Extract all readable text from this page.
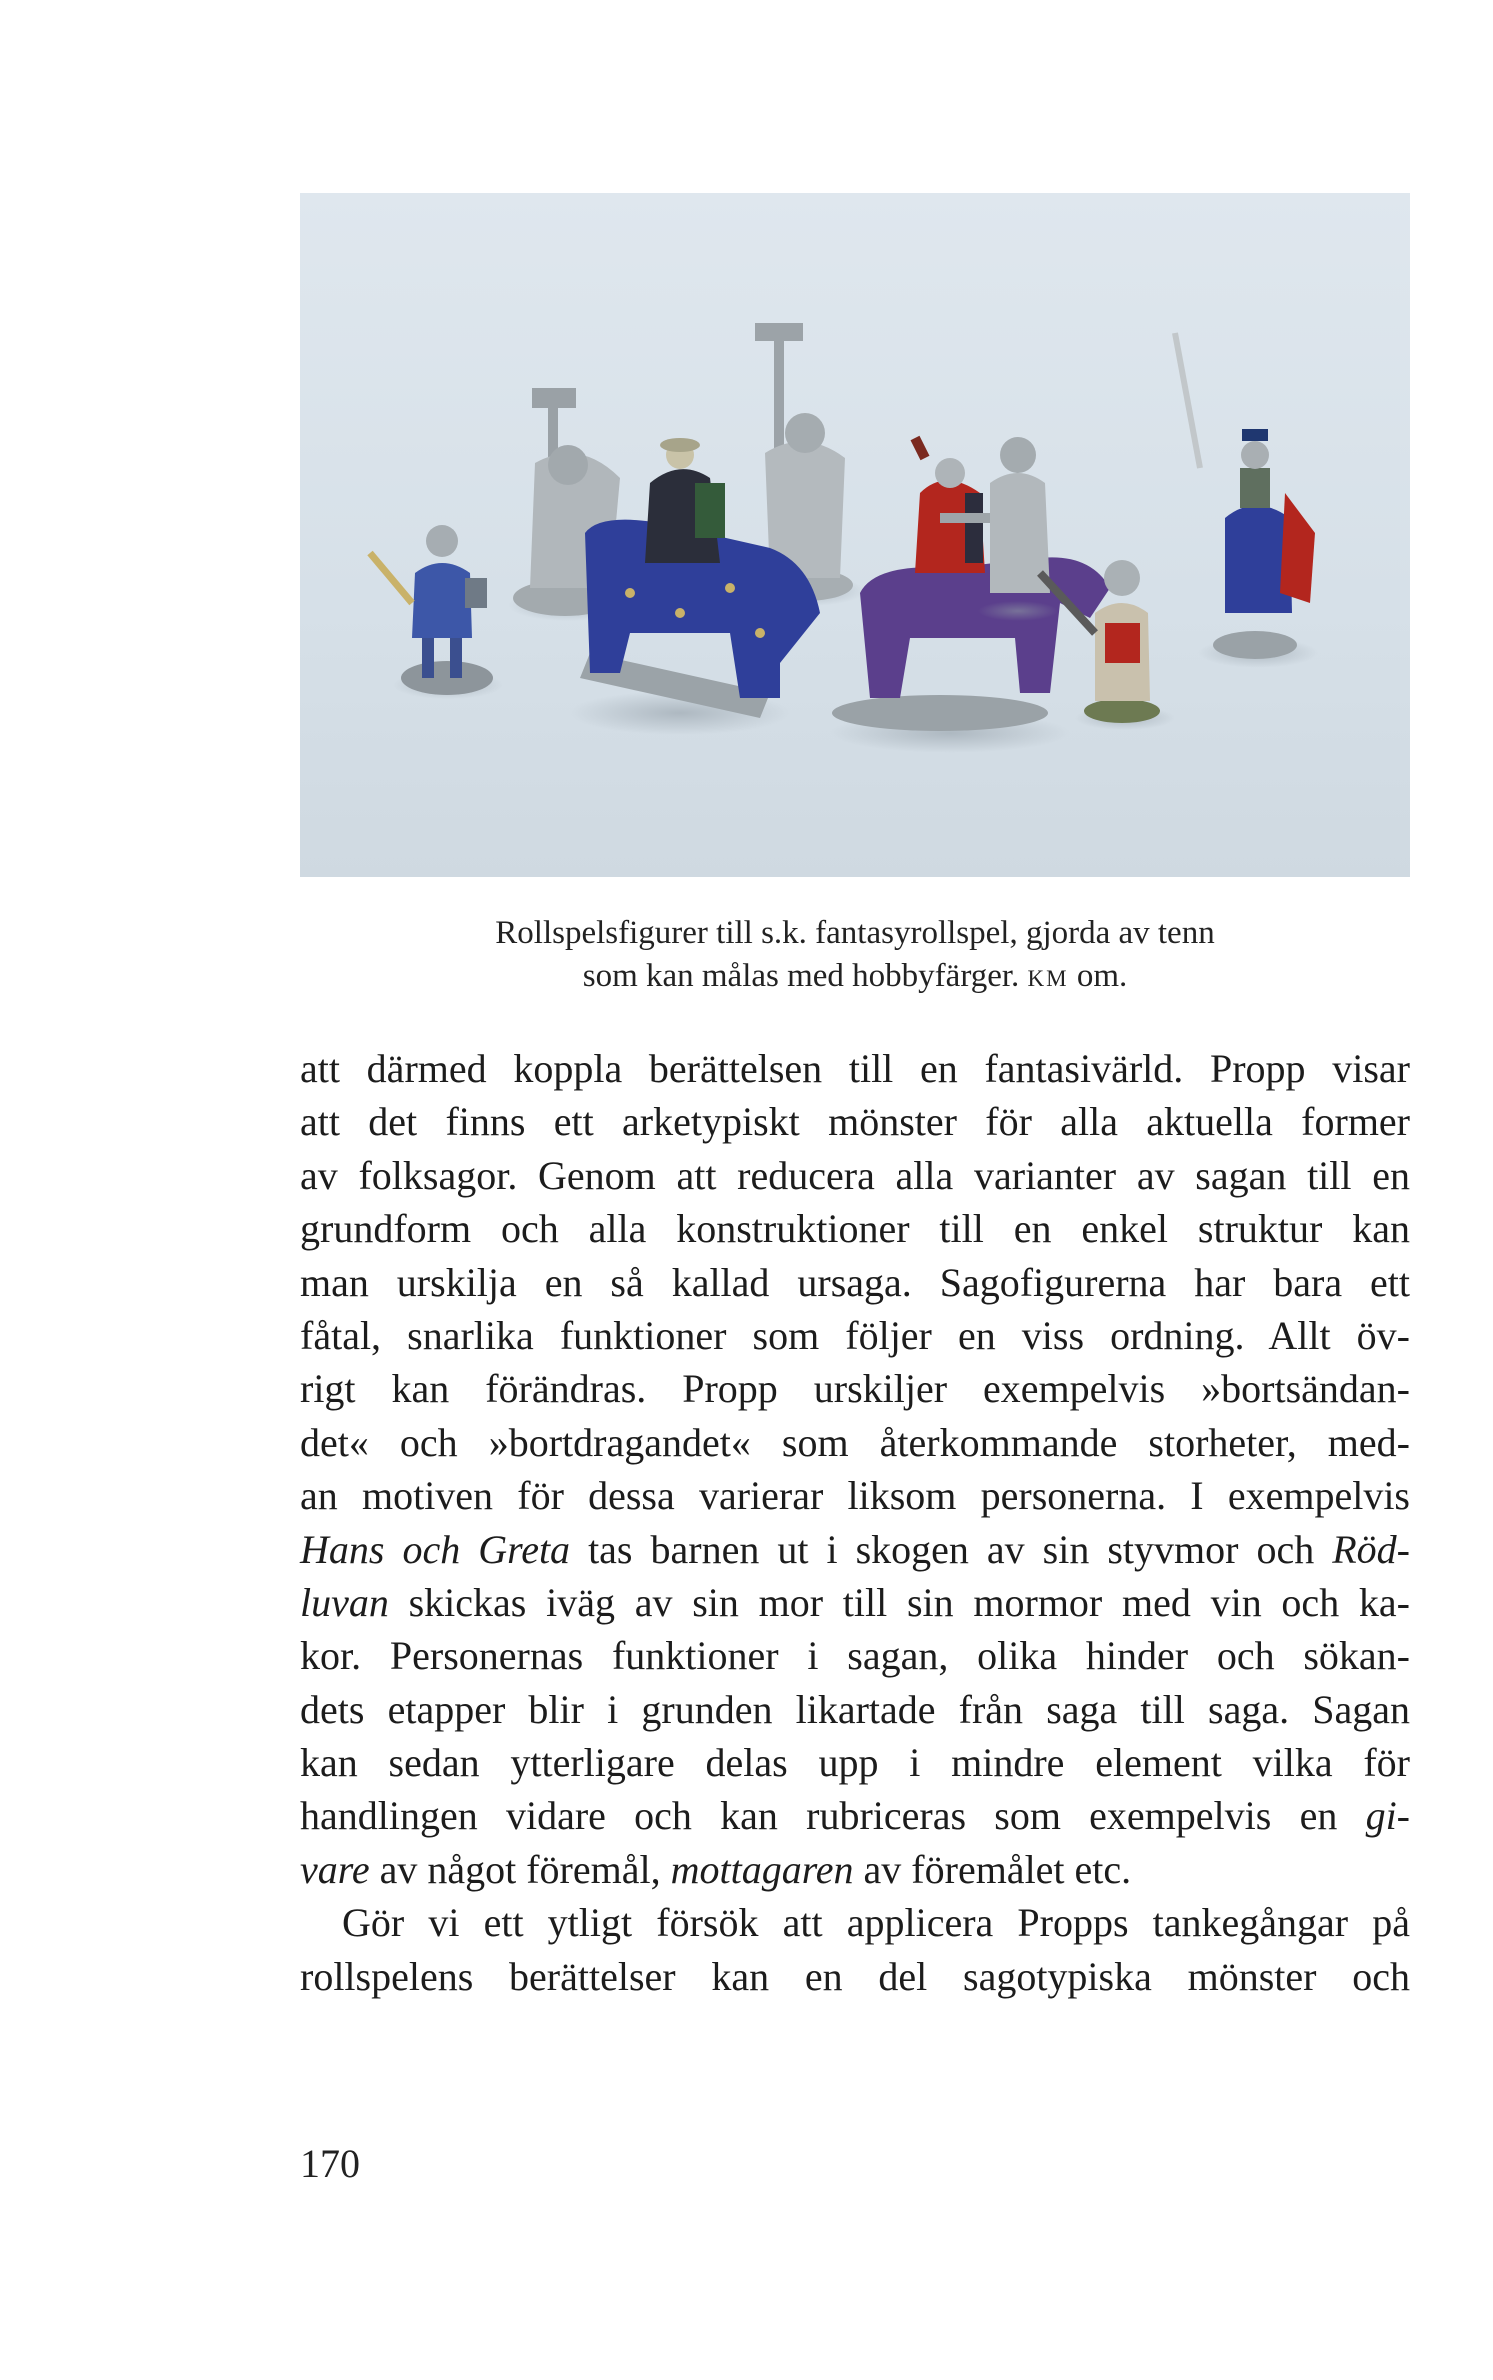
Rollspelsfigurer till s.k. fantasyrollspel, gjorda av tenn
som kan målas med hobbyfärger. KM om.
att därmed koppla berättelsen till en fantasivärld. Propp visar
att det finns ett arketypiskt mönster för alla aktuella former
av folksagor. Genom att reducera alla varianter av sagan till en
grundform och alla konstruktioner till en enkel struktur kan
man urskilja en så kallad ursaga. Sagofigurerna har bara ett
fåtal, snarlika funktioner som följer en viss ordning. Allt öv-
rigt kan förändras. Propp urskiljer exempelvis »bortsändan-
det« och »bortdragandet« som återkommande storheter, med-
an motiven för dessa varierar liksom personerna. I exempelvis
Hans och Greta tas barnen ut i skogen av sin styvmor och Röd-
luvan skickas iväg av sin mor till sin mormor med vin och ka-
kor. Personernas funktioner i sagan, olika hinder och sökan-
dets etapper blir i grunden likartade från saga till saga. Sagan
kan sedan ytterligare delas upp i mindre element vilka för
handlingen vidare och kan rubriceras som exempelvis en gi-
vare av något föremål, mottagaren av föremålet etc.
Gör vi ett ytligt försök att applicera Propps tankegångar på
rollspelens berättelser kan en del sagotypiska mönster och
170
